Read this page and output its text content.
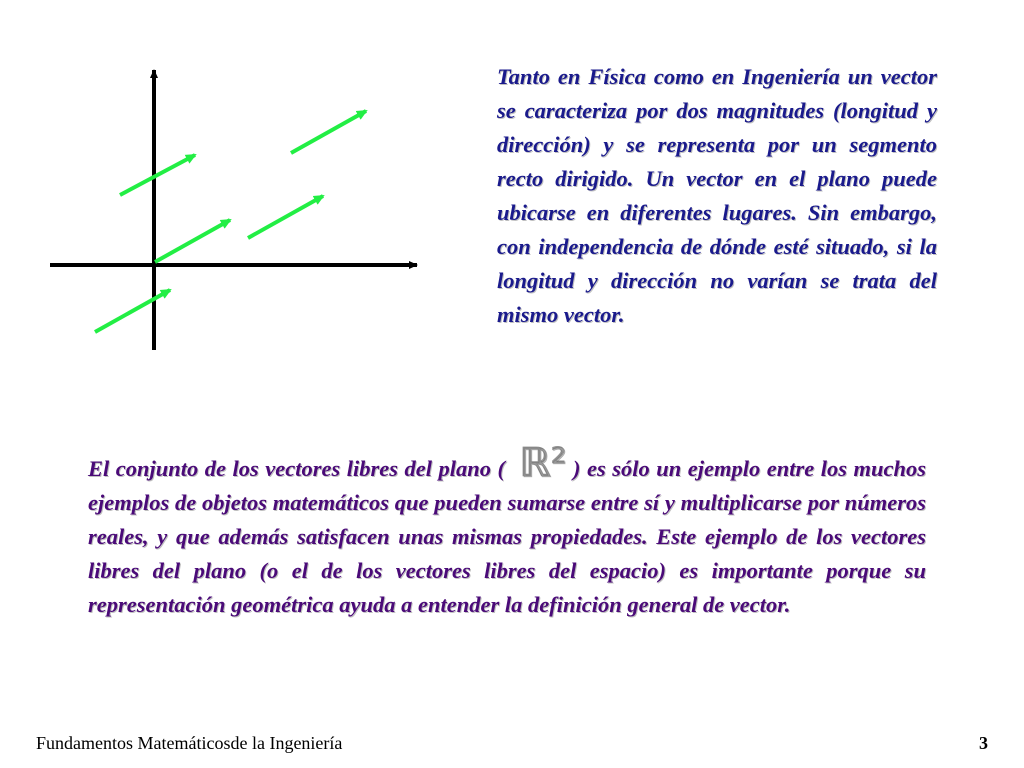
Tanto en Física como en Ingeniería un vector se caracteriza por dos magnitudes (longitud y dirección) y se representa por un segmento recto dirigido. Un vector en el plano puede ubicarse en diferentes lugares. Sin embargo, con independencia de dónde esté situado, si la longitud y dirección no varían se trata del mismo vector.

El conjunto de los vectores libres del plano ( ℝ² ) es sólo un ejemplo entre los muchos ejemplos de objetos matemáticos que pueden sumarse entre sí y multiplicarse por números reales, y que además satisfacen unas mismas propiedades. Este ejemplo de los vectores libres del plano (o el de los vectores libres del espacio) es importante porque su representación geométrica ayuda a entender la definición general de vector.

Fundamentos Matemáticosde la Ingeniería	3
